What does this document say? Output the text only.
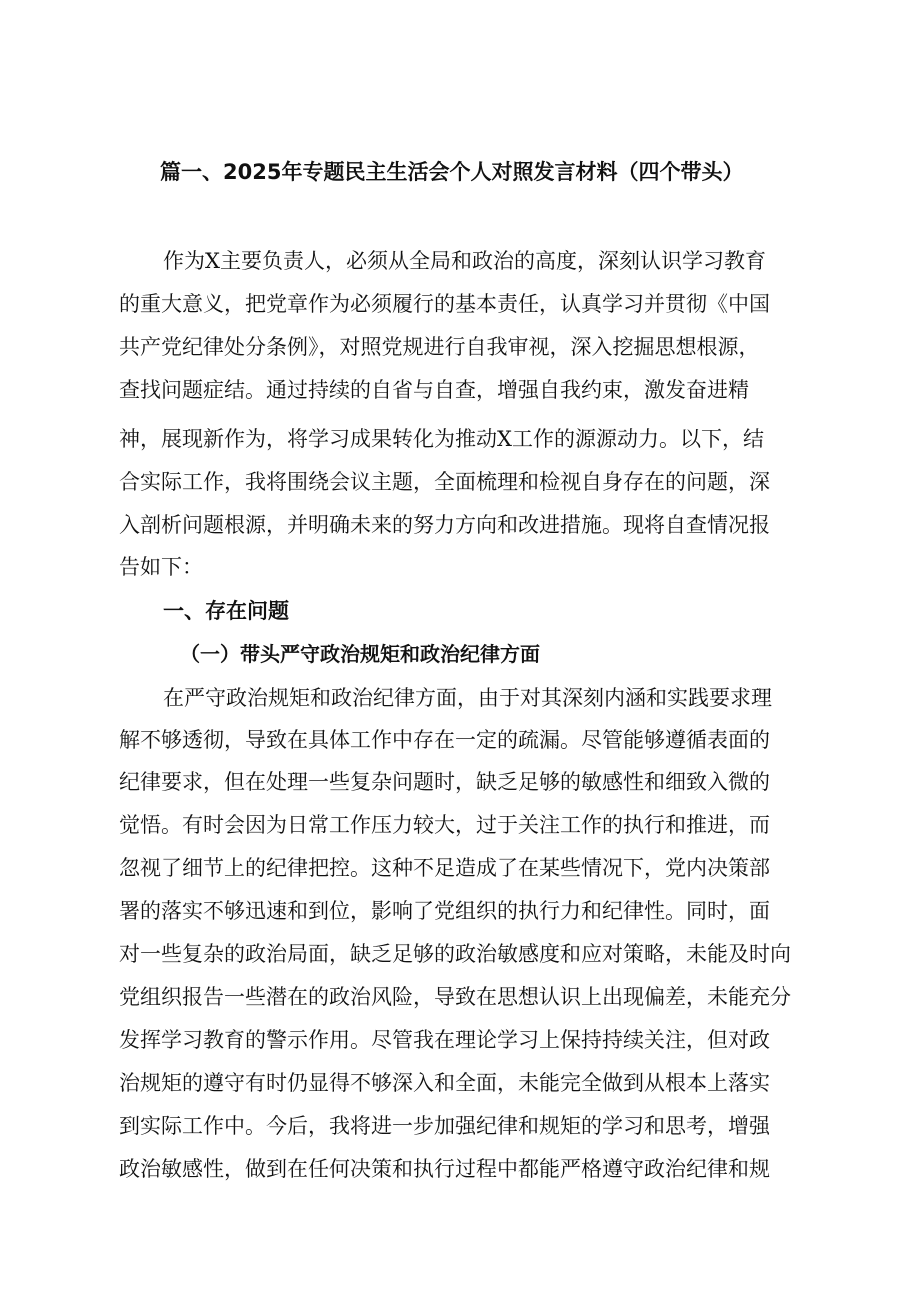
篇一、2025年专题民主生活会个人对照发言材料（四个带头）

作为X主要负责人，必须从全局和政治的高度，深刻认识学习教育

的重大意义，把党章作为必须履行的基本责任，认真学习并贯彻《中国

共产党纪律处分条例》，对照党规进行自我审视，深入挖掘思想根源，

查找问题症结。通过持续的自省与自查，增强自我约束，激发奋进精

神，展现新作为，将学习成果转化为推动X工作的源源动力。以下，结

合实际工作，我将围绕会议主题，全面梳理和检视自身存在的问题，深

入剖析问题根源，并明确未来的努力方向和改进措施。现将自查情况报

告如下：

一、存在问题
（一）带头严守政治规矩和政治纪律方面

在严守政治规矩和政治纪律方面，由于对其深刻内涵和实践要求理

解不够透彻，导致在具体工作中存在一定的疏漏。尽管能够遵循表面的

纪律要求，但在处理一些复杂问题时，缺乏足够的敏感性和细致入微的

觉悟。有时会因为日常工作压力较大，过于关注工作的执行和推进，而

忽视了细节上的纪律把控。这种不足造成了在某些情况下，党内决策部

署的落实不够迅速和到位，影响了党组织的执行力和纪律性。同时，面

对一些复杂的政治局面，缺乏足够的政治敏感度和应对策略，未能及时向

党组织报告一些潜在的政治风险，导致在思想认识上出现偏差，未能充分

发挥学习教育的警示作用。尽管我在理论学习上保持持续关注，但对政

治规矩的遵守有时仍显得不够深入和全面，未能完全做到从根本上落实

到实际工作中。今后，我将进一步加强纪律和规矩的学习和思考，增强

政治敏感性，做到在任何决策和执行过程中都能严格遵守政治纪律和规
